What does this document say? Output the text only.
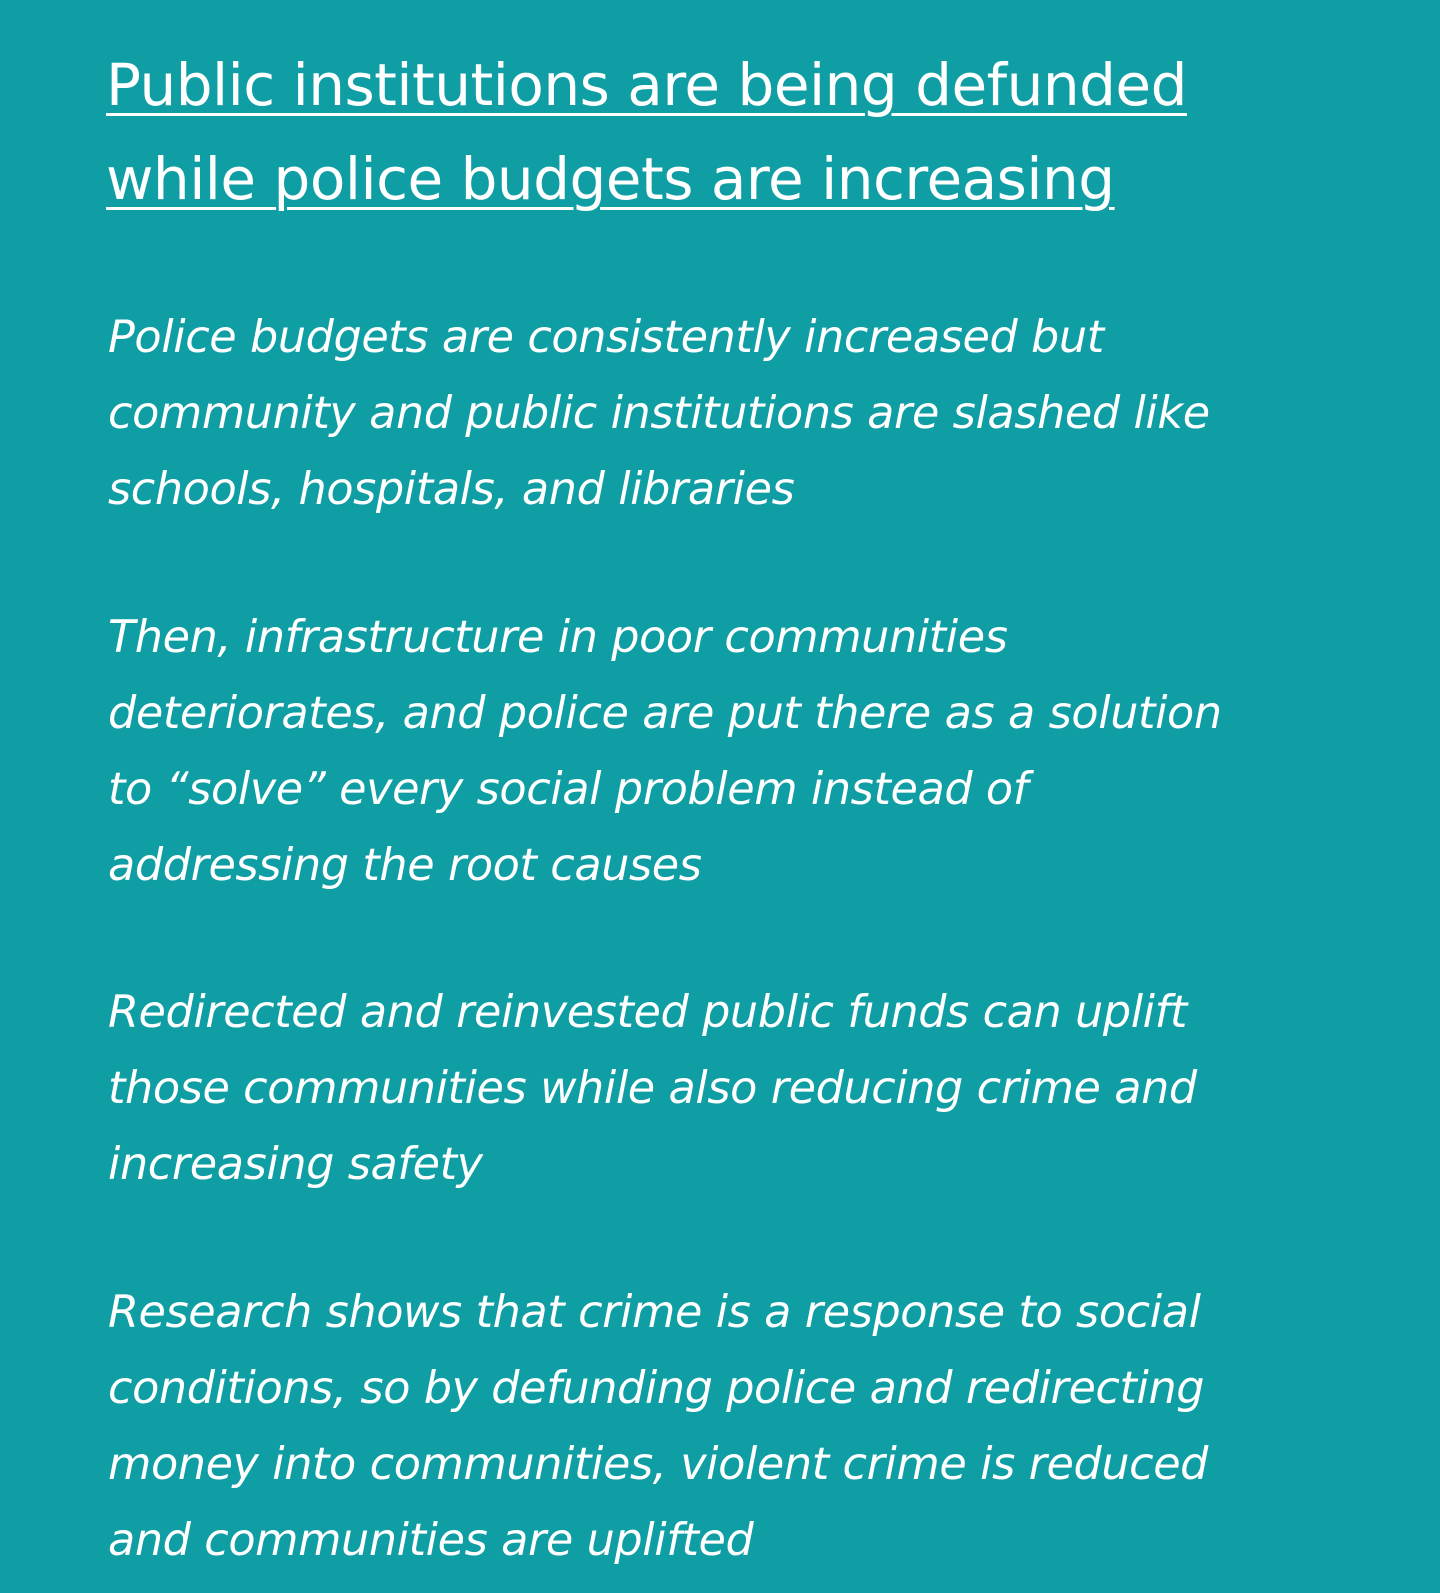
Public institutions are being defunded
while police budgets are increasing

Police budgets are consistently increased but
community and public institutions are slashed like
schools, hospitals, and libraries

Then, infrastructure in poor communities
deteriorates, and police are put there as a solution
to “solve” every social problem instead of
addressing the root causes

Redirected and reinvested public funds can uplift
those communities while also reducing crime and
increasing safety

Research shows that crime is a response to social
conditions, so by defunding police and redirecting
money into communities, violent crime is reduced
and communities are uplifted
